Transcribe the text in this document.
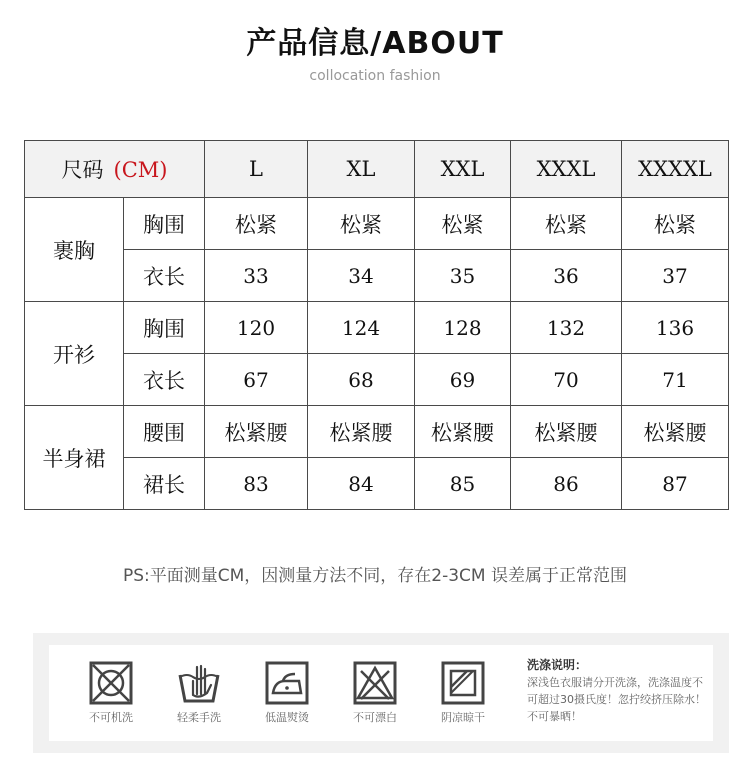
产品信息/ABOUT
collocation fashion
尺码 (CM)		L	XL	XXL	XXXL	XXXXL
裹胸	胸围	松紧	松紧	松紧	松紧	松紧
	衣长	33	34	35	36	37
开衫	胸围	120	124	128	132	136
	衣长	67	68	69	70	71
半身裙	腰围	松紧腰	松紧腰	松紧腰	松紧腰	松紧腰
	裙长	83	84	85	86	87
PS:平面测量CM，因测量方法不同，存在2-3CM 误差属于正常范围
不可机洗	轻柔手洗	低温熨烫	不可漂白	阴凉晾干
洗涤说明：
深浅色衣服请分开洗涤，洗涤温度不可超过30摄氏度！忽拧绞挤压除水！不可暴晒！
